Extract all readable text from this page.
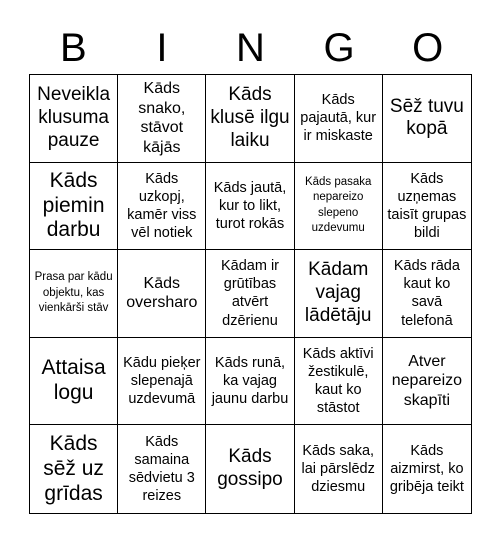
B	I	N	G	O
Neveikla klusuma pauze
Kāds snako, stāvot kājās
Kāds klusē ilgu laiku
Kāds pajautā, kur ir miskaste
Sēž tuvu kopā
Kāds piemin darbu
Kāds uzkopj, kamēr viss vēl notiek
Kāds jautā, kur to likt, turot rokās
Kāds pasaka nepareizo slepeno uzdevumu
Kāds uzņemas taisīt grupas bildi
Prasa par kādu objektu, kas vienkārši stāv
Kāds oversharo
Kādam ir grūtības atvērt dzērienu
Kādam vajag lādētāju
Kāds rāda kaut ko savā telefonā
Attaisa logu
Kādu pieķer slepenajā uzdevumā
Kāds runā, ka vajag jaunu darbu
Kāds aktīvi žestikulē, kaut ko stāstot
Atver nepareizo skapīti
Kāds sēž uz grīdas
Kāds samaina sēdvietu 3 reizes
Kāds gossipo
Kāds saka, lai pārslēdz dziesmu
Kāds aizmirst, ko gribēja teikt
